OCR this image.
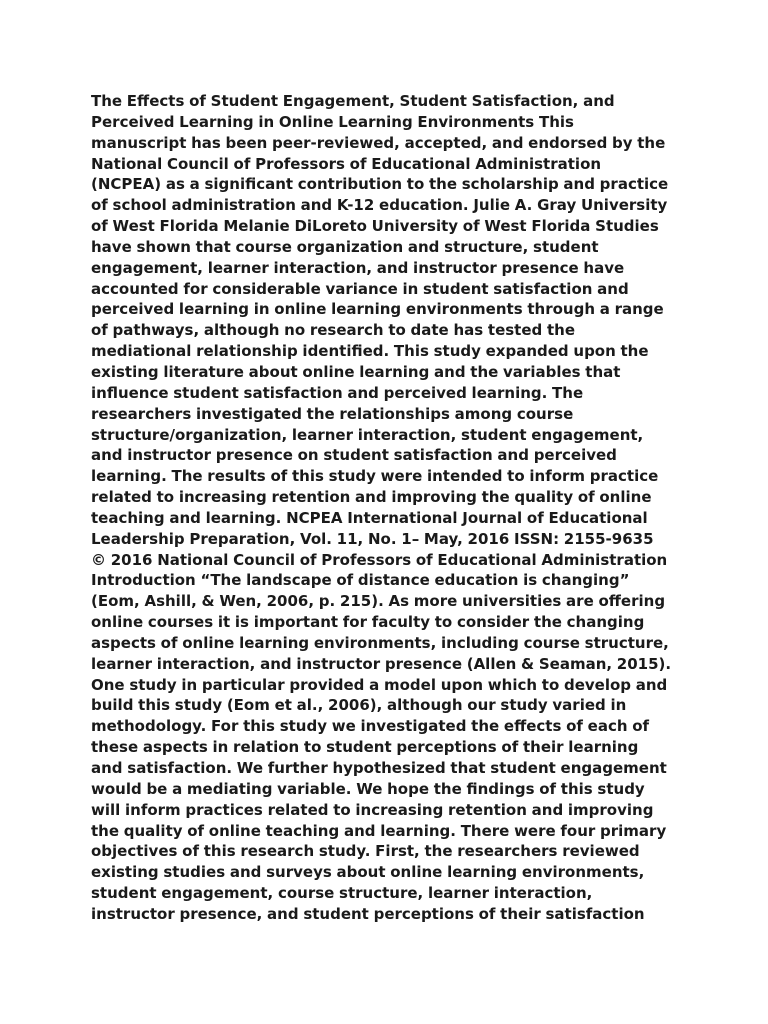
The Effects of Student Engagement, Student Satisfaction, and
Perceived Learning in Online Learning Environments This
manuscript has been peer-reviewed, accepted, and endorsed by the
National Council of Professors of Educational Administration
(NCPEA) as a significant contribution to the scholarship and practice
of school administration and K-12 education. Julie A. Gray University
of West Florida Melanie DiLoreto University of West Florida Studies
have shown that course organization and structure, student
engagement, learner interaction, and instructor presence have
accounted for considerable variance in student satisfaction and
perceived learning in online learning environments through a range
of pathways, although no research to date has tested the
mediational relationship identified. This study expanded upon the
existing literature about online learning and the variables that
influence student satisfaction and perceived learning. The
researchers investigated the relationships among course
structure/organization, learner interaction, student engagement,
and instructor presence on student satisfaction and perceived
learning. The results of this study were intended to inform practice
related to increasing retention and improving the quality of online
teaching and learning. NCPEA International Journal of Educational
Leadership Preparation, Vol. 11, No. 1– May, 2016 ISSN: 2155-9635
© 2016 National Council of Professors of Educational Administration
Introduction “The landscape of distance education is changing”
(Eom, Ashill, & Wen, 2006, p. 215). As more universities are offering
online courses it is important for faculty to consider the changing
aspects of online learning environments, including course structure,
learner interaction, and instructor presence (Allen & Seaman, 2015).
One study in particular provided a model upon which to develop and
build this study (Eom et al., 2006), although our study varied in
methodology. For this study we investigated the effects of each of
these aspects in relation to student perceptions of their learning
and satisfaction. We further hypothesized that student engagement
would be a mediating variable. We hope the findings of this study
will inform practices related to increasing retention and improving
the quality of online teaching and learning. There were four primary
objectives of this research study. First, the researchers reviewed
existing studies and surveys about online learning environments,
student engagement, course structure, learner interaction,
instructor presence, and student perceptions of their satisfaction
